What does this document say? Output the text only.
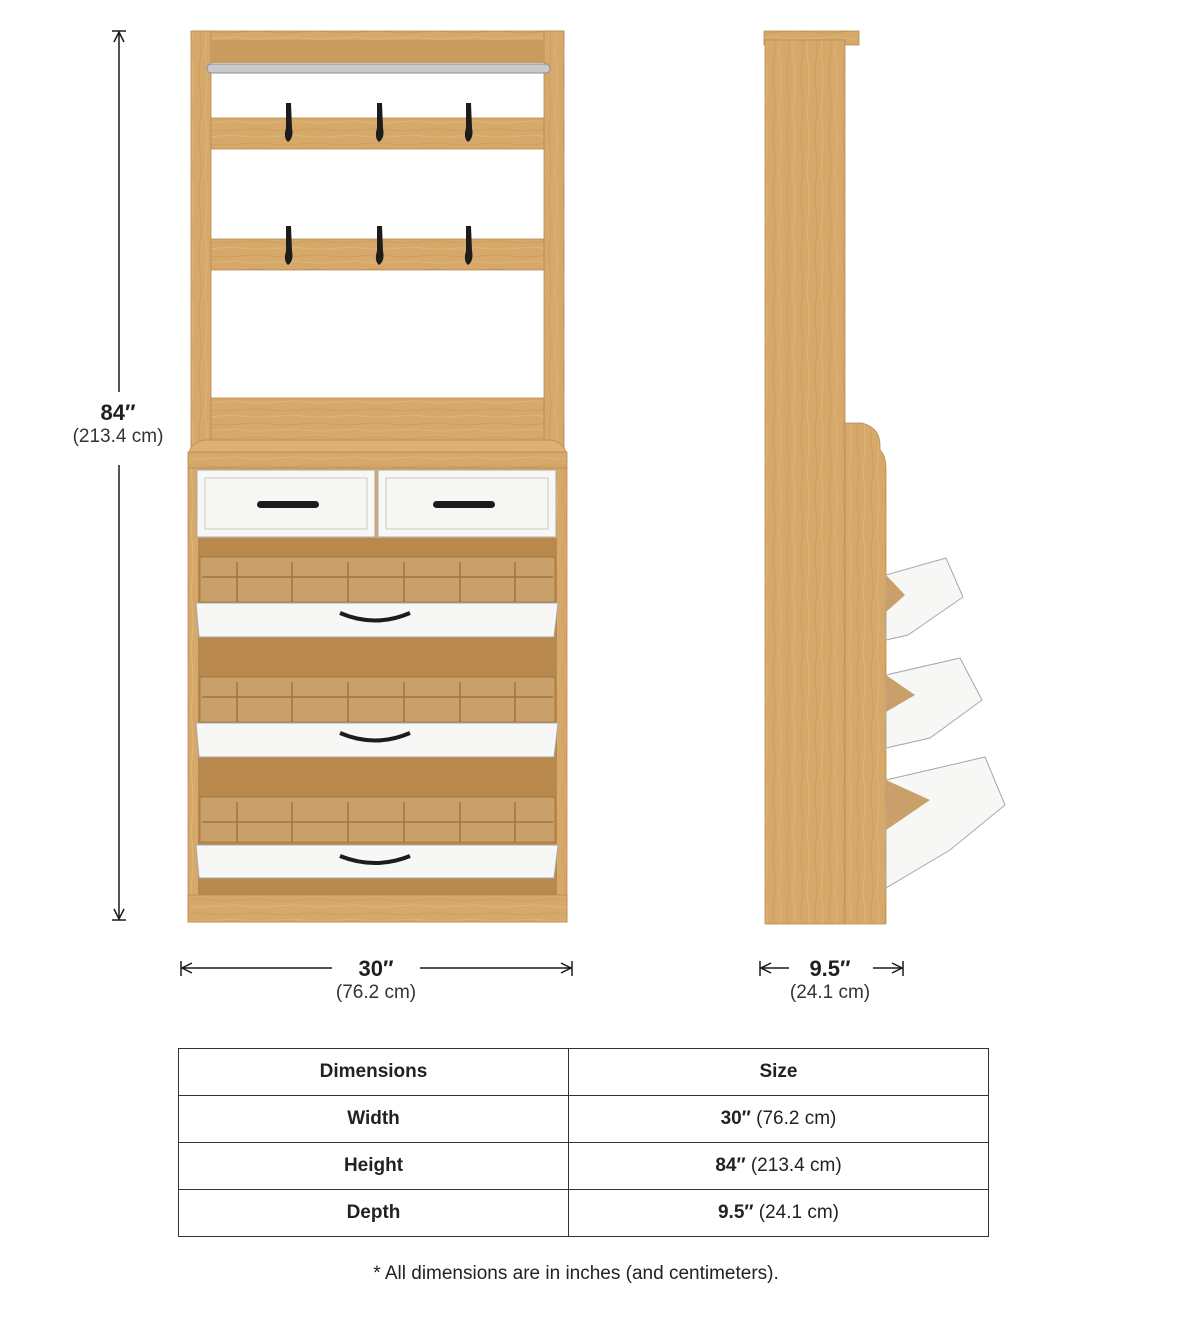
84″
(213.4 cm)
30″
(76.2 cm)
9.5″
(24.1 cm)
Dimensions	Size
Width	30″ (76.2 cm)
Height	84″ (213.4 cm)
Depth	9.5″ (24.1 cm)
* All dimensions are in inches (and centimeters).
